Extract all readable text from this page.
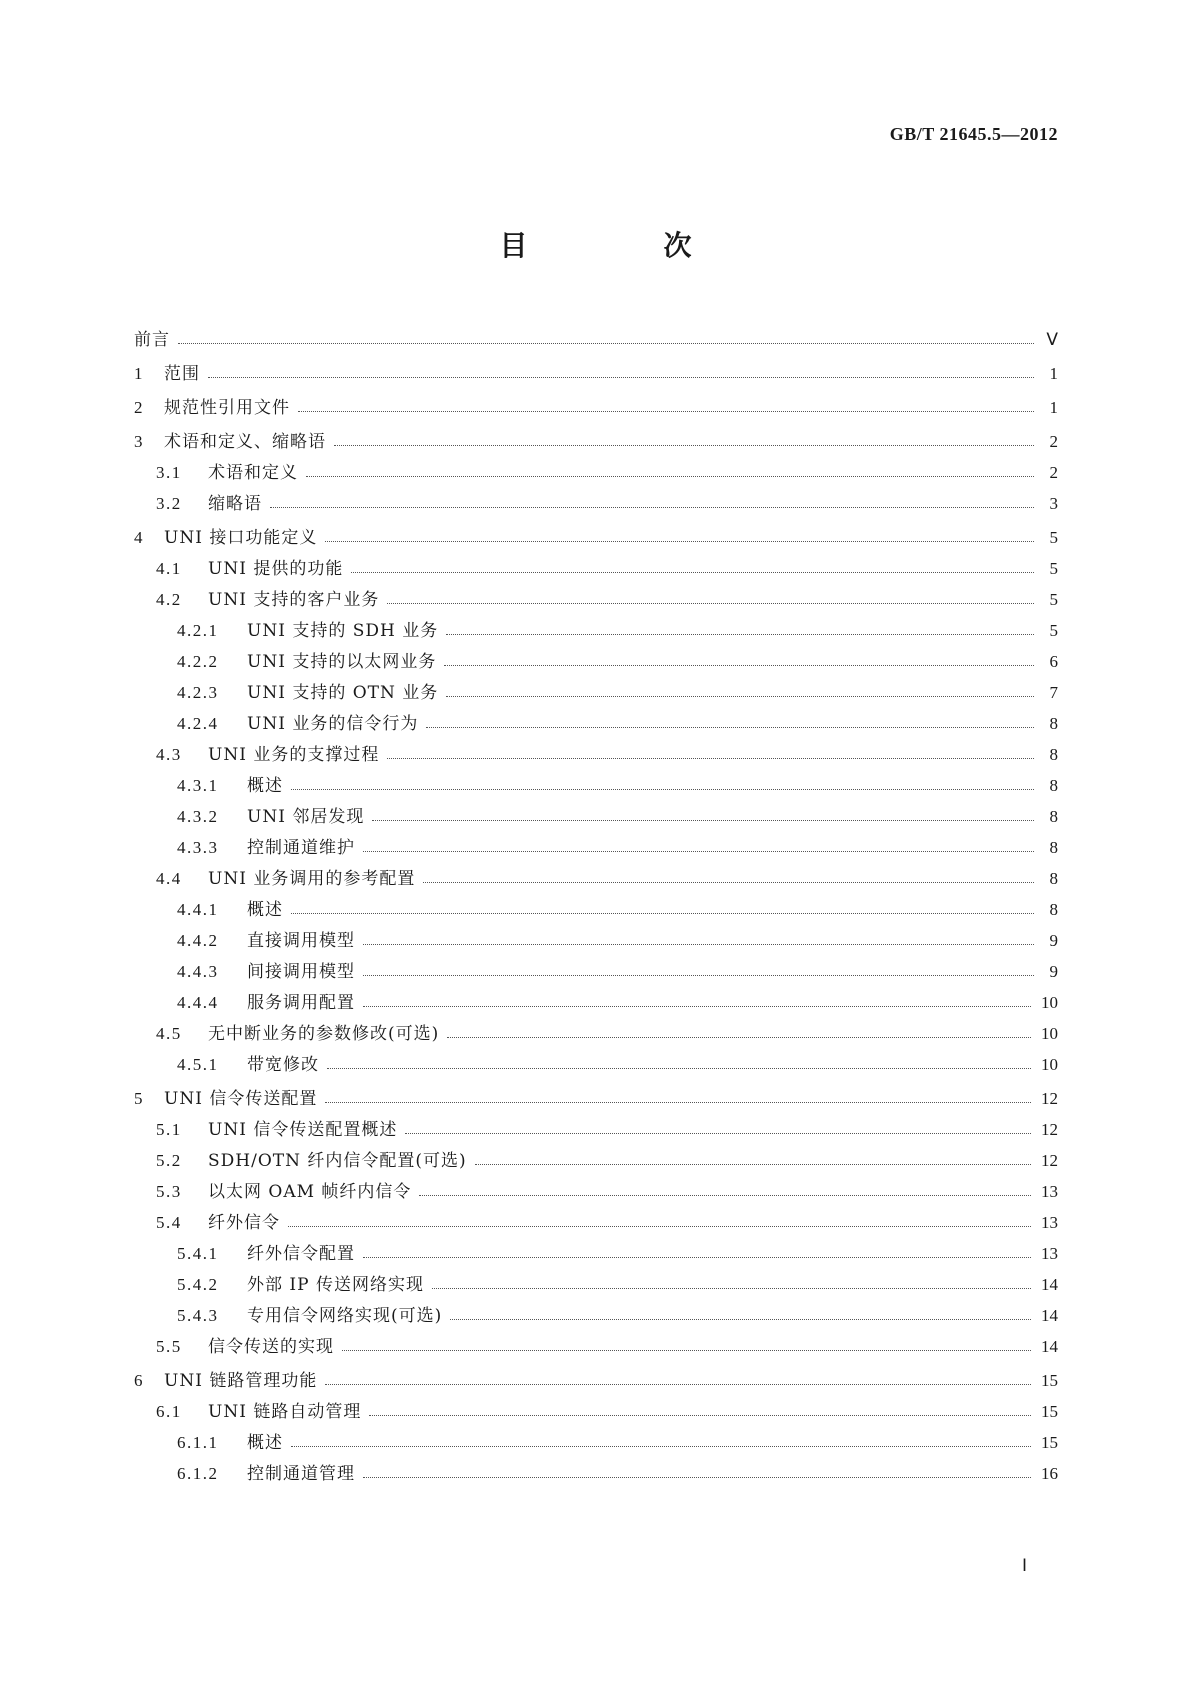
GB/T 21645.5—2012
目　次
前言	Ⅴ
1	范围	1
2	规范性引用文件	1
3	术语和定义、缩略语	2
3.1	术语和定义	2
3.2	缩略语	3
4	UNI 接口功能定义	5
4.1	UNI 提供的功能	5
4.2	UNI 支持的客户业务	5
4.2.1	UNI 支持的 SDH 业务	5
4.2.2	UNI 支持的以太网业务	6
4.2.3	UNI 支持的 OTN 业务	7
4.2.4	UNI 业务的信令行为	8
4.3	UNI 业务的支撑过程	8
4.3.1	概述	8
4.3.2	UNI 邻居发现	8
4.3.3	控制通道维护	8
4.4	UNI 业务调用的参考配置	8
4.4.1	概述	8
4.4.2	直接调用模型	9
4.4.3	间接调用模型	9
4.4.4	服务调用配置	10
4.5	无中断业务的参数修改(可选)	10
4.5.1	带宽修改	10
5	UNI 信令传送配置	12
5.1	UNI 信令传送配置概述	12
5.2	SDH/OTN 纤内信令配置(可选)	12
5.3	以太网 OAM 帧纤内信令	13
5.4	纤外信令	13
5.4.1	纤外信令配置	13
5.4.2	外部 IP 传送网络实现	14
5.4.3	专用信令网络实现(可选)	14
5.5	信令传送的实现	14
6	UNI 链路管理功能	15
6.1	UNI 链路自动管理	15
6.1.1	概述	15
6.1.2	控制通道管理	16
Ⅰ
